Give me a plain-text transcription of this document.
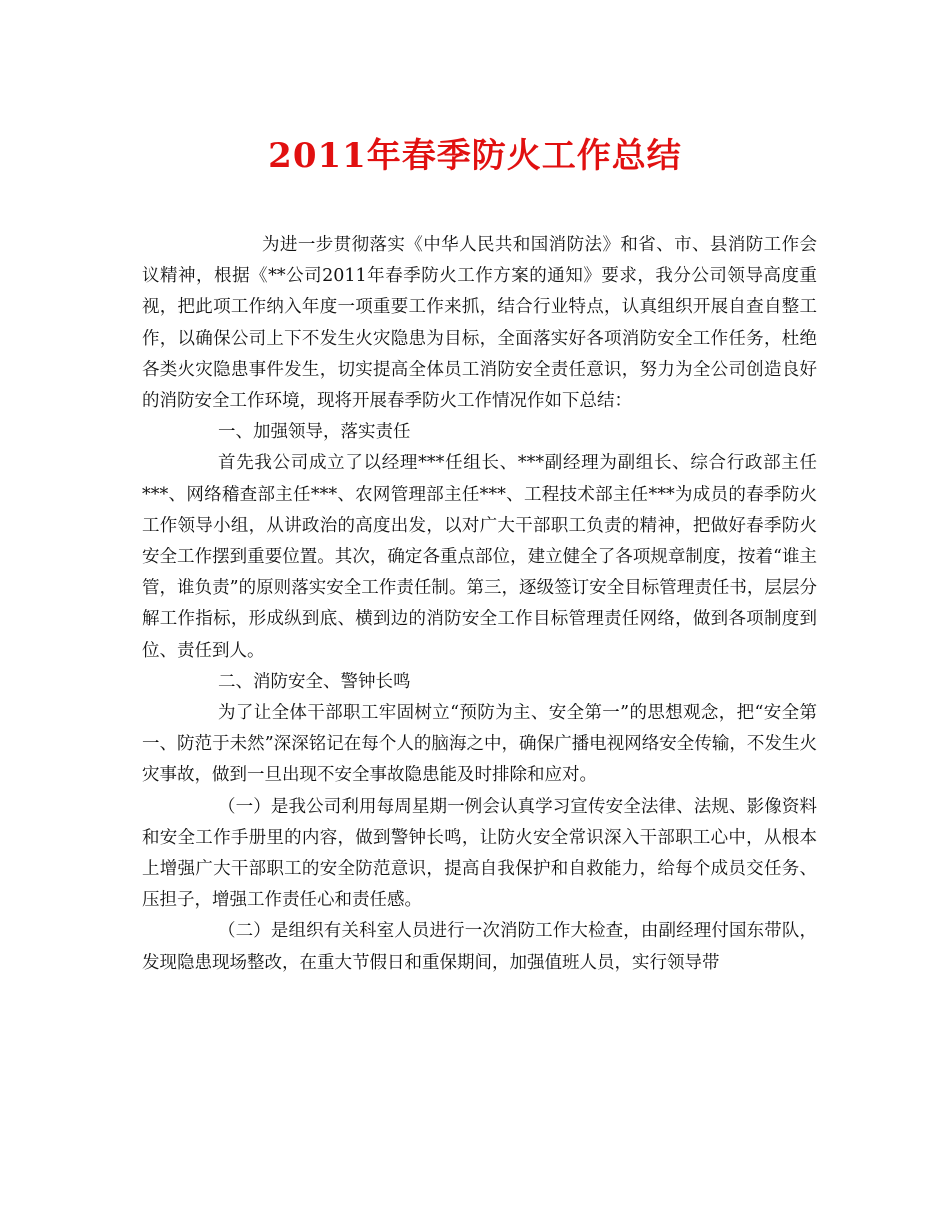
2011年春季防火工作总结

为进一步贯彻落实《中华人民共和国消防法》和省、市、县消防工作会议精神，根据《**公司2011年春季防火工作方案的通知》要求，我分公司领导高度重视，把此项工作纳入年度一项重要工作来抓，结合行业特点，认真组织开展自查自整工作，以确保公司上下不发生火灾隐患为目标，全面落实好各项消防安全工作任务，杜绝各类火灾隐患事件发生，切实提高全体员工消防安全责任意识，努力为全公司创造良好的消防安全工作环境，现将开展春季防火工作情况作如下总结：

一、加强领导，落实责任

首先我公司成立了以经理***任组长、***副经理为副组长、综合行政部主任***、网络稽查部主任***、农网管理部主任***、工程技术部主任***为成员的春季防火工作领导小组，从讲政治的高度出发，以对广大干部职工负责的精神，把做好春季防火安全工作摆到重要位置。其次，确定各重点部位，建立健全了各项规章制度，按着“谁主管，谁负责”的原则落实安全工作责任制。第三，逐级签订安全目标管理责任书，层层分解工作指标，形成纵到底、横到边的消防安全工作目标管理责任网络，做到各项制度到位、责任到人。

二、消防安全、警钟长鸣

为了让全体干部职工牢固树立“预防为主、安全第一”的思想观念，把“安全第一、防范于未然”深深铭记在每个人的脑海之中，确保广播电视网络安全传输，不发生火灾事故，做到一旦出现不安全事故隐患能及时排除和应对。

（一）是我公司利用每周星期一例会认真学习宣传安全法律、法规、影像资料和安全工作手册里的内容，做到警钟长鸣，让防火安全常识深入干部职工心中，从根本上增强广大干部职工的安全防范意识，提高自我保护和自救能力，给每个成员交任务、压担子，增强工作责任心和责任感。

（二）是组织有关科室人员进行一次消防工作大检查，由副经理付国东带队，发现隐患现场整改，在重大节假日和重保期间，加强值班人员，实行领导带
